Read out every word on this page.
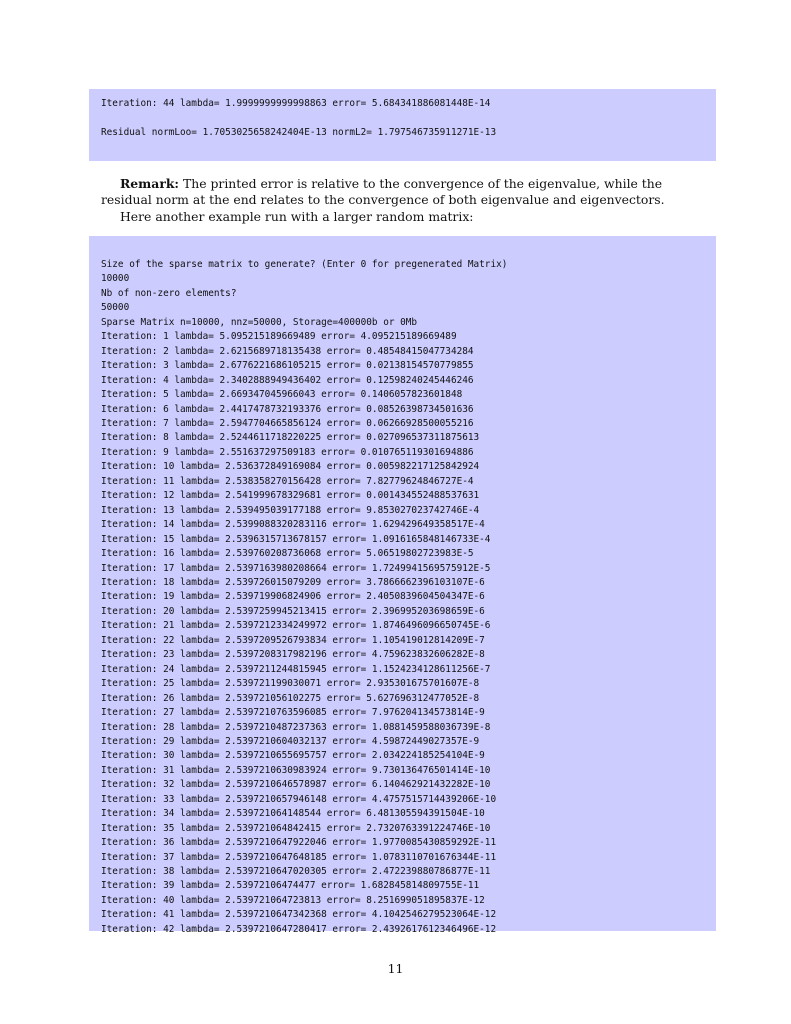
Iteration: 44 lambda= 1.9999999999998863 error= 5.684341886081448E-14
Residual normLoo= 1.7053025658242404E-13 normL2= 1.797546735911271E-13
Remark: The printed error is relative to the convergence of the eigenvalue, while the residual norm at the end relates to the convergence of both eigenvalue and eigenvectors.
Here another example run with a larger random matrix:
Size of the sparse matrix to generate? (Enter 0 for pregenerated Matrix)
10000
Nb of non-zero elements?
50000
Sparse Matrix n=10000, nnz=50000, Storage=400000b or 0Mb
Iteration: 1 lambda= 5.095215189669489 error= 4.095215189669489
Iteration: 2 lambda= 2.6215689718135438 error= 0.48548415047734284
Iteration: 3 lambda= 2.6776221686105215 error= 0.02138154570779855
Iteration: 4 lambda= 2.3402888949436402 error= 0.12598240245446246
Iteration: 5 lambda= 2.669347045966043 error= 0.1406057823601848
Iteration: 6 lambda= 2.4417478732193376 error= 0.08526398734501636
Iteration: 7 lambda= 2.5947704665856124 error= 0.06266928500055216
Iteration: 8 lambda= 2.5244611718220225 error= 0.027096537311875613
Iteration: 9 lambda= 2.551637297509183 error= 0.010765119301694886
Iteration: 10 lambda= 2.536372849169084 error= 0.005982217125842924
Iteration: 11 lambda= 2.538358270156428 error= 7.82779624846727E-4
Iteration: 12 lambda= 2.541999678329681 error= 0.001434552488537631
Iteration: 13 lambda= 2.539495039177188 error= 9.853027023742746E-4
Iteration: 14 lambda= 2.5399088320283116 error= 1.629429649358517E-4
Iteration: 15 lambda= 2.5396315713678157 error= 1.0916165848146733E-4
Iteration: 16 lambda= 2.539760208736068 error= 5.06519802723983E-5
Iteration: 17 lambda= 2.5397163980208664 error= 1.7249941569575912E-5
Iteration: 18 lambda= 2.539726015079209 error= 3.7866662396103107E-6
Iteration: 19 lambda= 2.539719906824906 error= 2.4050839604504347E-6
Iteration: 20 lambda= 2.5397259945213415 error= 2.396995203698659E-6
Iteration: 21 lambda= 2.5397212334249972 error= 1.8746496096650745E-6
Iteration: 22 lambda= 2.5397209526793834 error= 1.105419012814209E-7
Iteration: 23 lambda= 2.5397208317982196 error= 4.759623832606282E-8
Iteration: 24 lambda= 2.5397211244815945 error= 1.1524234128611256E-7
Iteration: 25 lambda= 2.539721199030071 error= 2.935301675701607E-8
Iteration: 26 lambda= 2.539721056102275 error= 5.627696312477052E-8
Iteration: 27 lambda= 2.5397210763596085 error= 7.976204134573814E-9
Iteration: 28 lambda= 2.5397210487237363 error= 1.0881459588036739E-8
Iteration: 29 lambda= 2.5397210604032137 error= 4.59872449027357E-9
Iteration: 30 lambda= 2.5397210655695757 error= 2.034224185254104E-9
Iteration: 31 lambda= 2.5397210630983924 error= 9.730136476501414E-10
Iteration: 32 lambda= 2.5397210646578987 error= 6.140462921432282E-10
Iteration: 33 lambda= 2.5397210657946148 error= 4.4757515714439206E-10
Iteration: 34 lambda= 2.539721064148544 error= 6.481305594391504E-10
Iteration: 35 lambda= 2.539721064842415 error= 2.7320763391224746E-10
Iteration: 36 lambda= 2.5397210647922046 error= 1.9770085430859292E-11
Iteration: 37 lambda= 2.5397210647648185 error= 1.0783110701676344E-11
Iteration: 38 lambda= 2.5397210647020305 error= 2.472239880786877E-11
Iteration: 39 lambda= 2.53972106474477 error= 1.682845814809755E-11
Iteration: 40 lambda= 2.539721064723813 error= 8.251699051895837E-12
Iteration: 41 lambda= 2.5397210647342368 error= 4.1042546279523064E-12
Iteration: 42 lambda= 2.5397210647280417 error= 2.4392617612346496E-12
11
